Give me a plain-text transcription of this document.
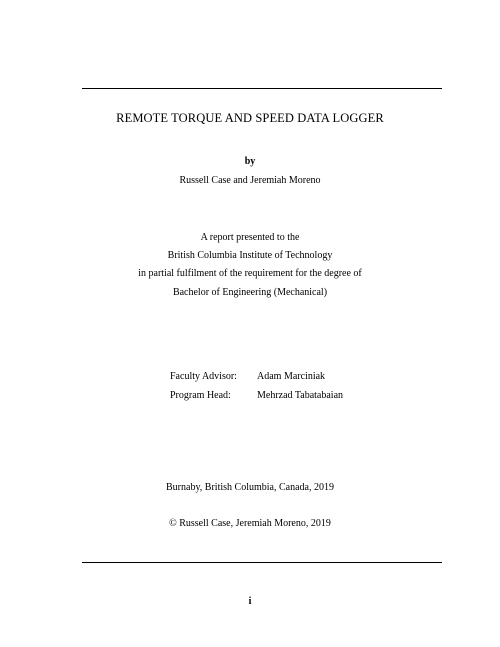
REMOTE TORQUE AND SPEED DATA LOGGER
by
Russell Case and Jeremiah Moreno
A report presented to the
British Columbia Institute of Technology
in partial fulfilment of the requirement for the degree of
Bachelor of Engineering (Mechanical)
Faculty Advisor: Adam Marciniak
Program Head:	Mehrzad Tabatabaian
Burnaby, British Columbia, Canada, 2019
© Russell Case, Jeremiah Moreno, 2019
i
